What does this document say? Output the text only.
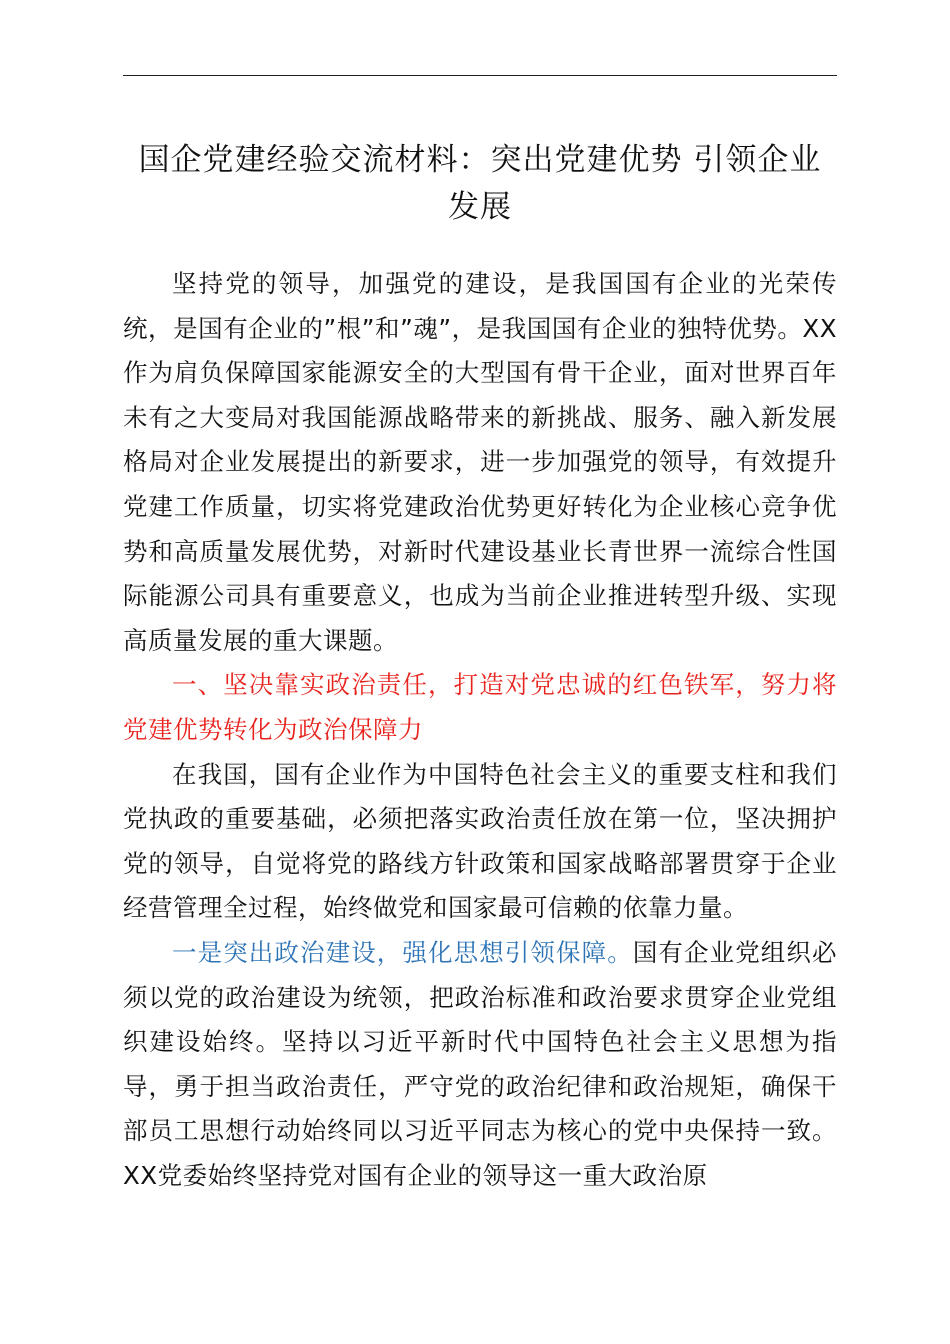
国企党建经验交流材料：突出党建优势 引领企业发展

坚持党的领导，加强党的建设，是我国国有企业的光荣传统，是国有企业的”根”和”魂”，是我国国有企业的独特优势。XX作为肩负保障国家能源安全的大型国有骨干企业，面对世界百年未有之大变局对我国能源战略带来的新挑战、服务、融入新发展格局对企业发展提出的新要求，进一步加强党的领导，有效提升党建工作质量，切实将党建政治优势更好转化为企业核心竞争优势和高质量发展优势，对新时代建设基业长青世界一流综合性国际能源公司具有重要意义，也成为当前企业推进转型升级、实现高质量发展的重大课题。

一、坚决靠实政治责任，打造对党忠诚的红色铁军，努力将党建优势转化为政治保障力

在我国，国有企业作为中国特色社会主义的重要支柱和我们党执政的重要基础，必须把落实政治责任放在第一位，坚决拥护党的领导，自觉将党的路线方针政策和国家战略部署贯穿于企业经营管理全过程，始终做党和国家最可信赖的依靠力量。

一是突出政治建设，强化思想引领保障。国有企业党组织必须以党的政治建设为统领，把政治标准和政治要求贯穿企业党组织建设始终。坚持以习近平新时代中国特色社会主义思想为指导，勇于担当政治责任，严守党的政治纪律和政治规矩，确保干部员工思想行动始终同以习近平同志为核心的党中央保持一致。XX党委始终坚持党对国有企业的领导这一重大政治原
